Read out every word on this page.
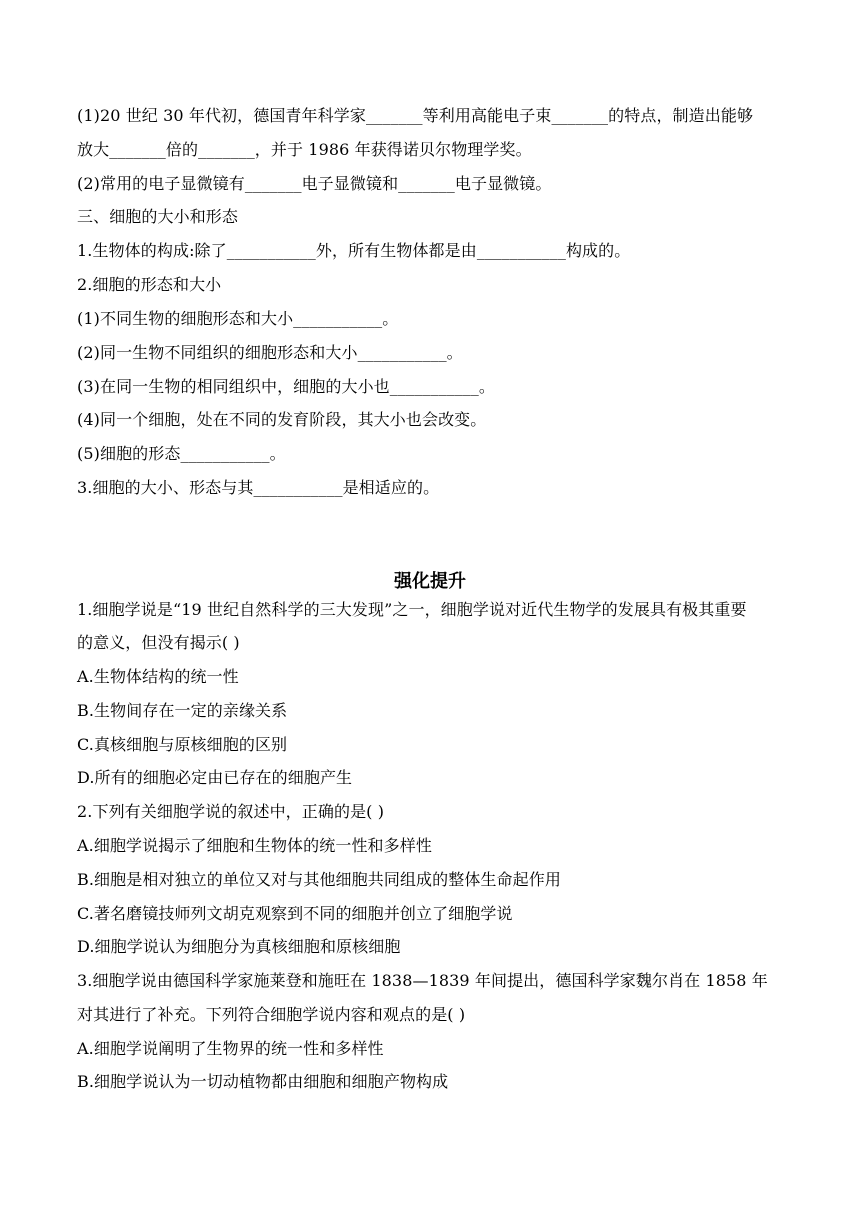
(1)20 世纪 30 年代初，德国青年科学家_______等利用高能电子束_______的特点，制造出能够
放大_______倍的_______，并于 1986 年获得诺贝尔物理学奖。
(2)常用的电子显微镜有_______电子显微镜和_______电子显微镜。
三、细胞的大小和形态
1.生物体的构成:除了___________外，所有生物体都是由___________构成的。
2.细胞的形态和大小
(1)不同生物的细胞形态和大小___________。
(2)同一生物不同组织的细胞形态和大小___________。
(3)在同一生物的相同组织中，细胞的大小也___________。
(4)同一个细胞，处在不同的发育阶段，其大小也会改变。
(5)细胞的形态___________。
3.细胞的大小、形态与其___________是相适应的。
强化提升
1.细胞学说是“19 世纪自然科学的三大发现”之一，细胞学说对近代生物学的发展具有极其重要
的意义，但没有揭示( )
A.生物体结构的统一性
B.生物间存在一定的亲缘关系
C.真核细胞与原核细胞的区别
D.所有的细胞必定由已存在的细胞产生
2.下列有关细胞学说的叙述中，正确的是( )
A.细胞学说揭示了细胞和生物体的统一性和多样性
B.细胞是相对独立的单位又对与其他细胞共同组成的整体生命起作用
C.著名磨镜技师列文胡克观察到不同的细胞并创立了细胞学说
D.细胞学说认为细胞分为真核细胞和原核细胞
3.细胞学说由德国科学家施莱登和施旺在 1838—1839 年间提出，德国科学家魏尔肖在 1858 年
对其进行了补充。下列符合细胞学说内容和观点的是( )
A.细胞学说阐明了生物界的统一性和多样性
B.细胞学说认为一切动植物都由细胞和细胞产物构成
